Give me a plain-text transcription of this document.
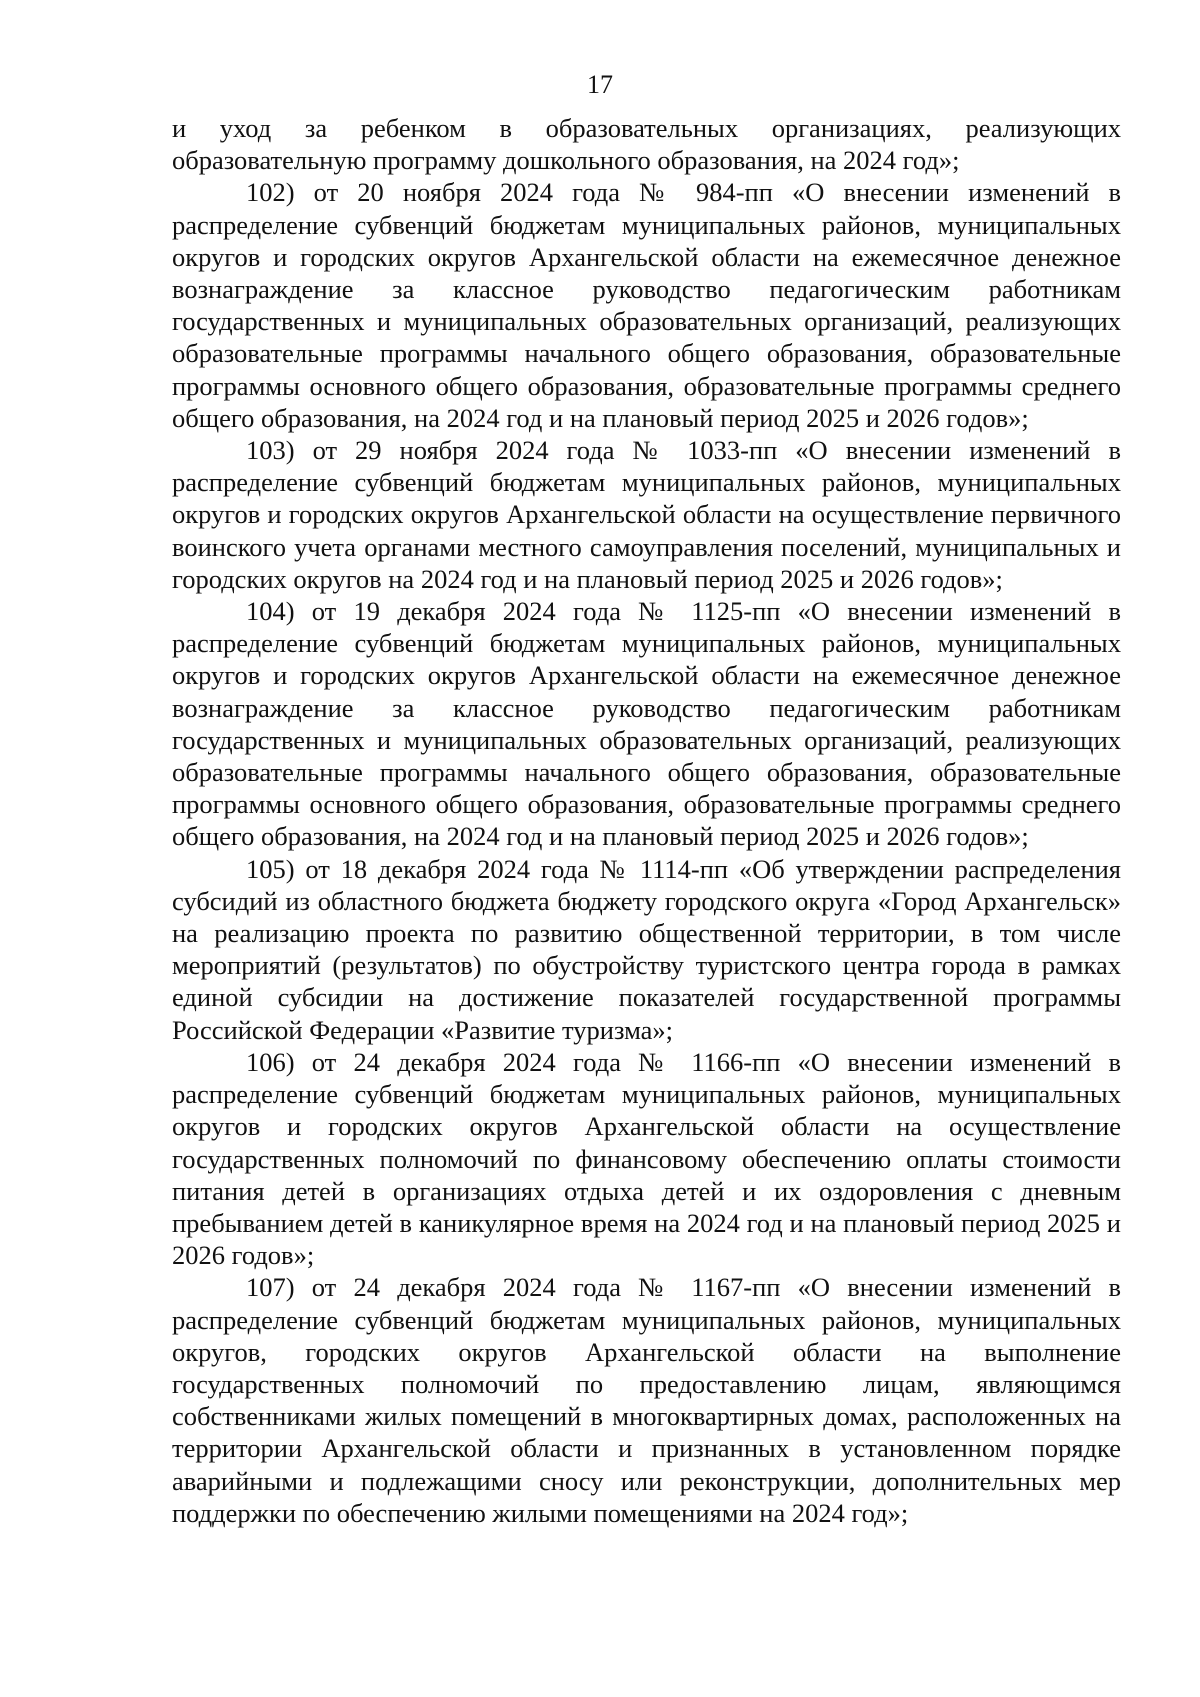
17

и уход за ребенком в образовательных организациях, реализующих образовательную программу дошкольного образования, на 2024 год»;

102) от 20 ноября 2024 года № 984-пп «О внесении изменений в распределение субвенций бюджетам муниципальных районов, муниципальных округов и городских округов Архангельской области на ежемесячное денежное вознаграждение за классное руководство педагогическим работникам государственных и муниципальных образовательных организаций, реализующих образовательные программы начального общего образования, образовательные программы основного общего образования, образовательные программы среднего общего образования, на 2024 год и на плановый период 2025 и 2026 годов»;

103) от 29 ноября 2024 года № 1033-пп «О внесении изменений в распределение субвенций бюджетам муниципальных районов, муниципальных округов и городских округов Архангельской области на осуществление первичного воинского учета органами местного самоуправления поселений, муниципальных и городских округов на 2024 год и на плановый период 2025 и 2026 годов»;

104) от 19 декабря 2024 года № 1125-пп «О внесении изменений в распределение субвенций бюджетам муниципальных районов, муниципальных округов и городских округов Архангельской области на ежемесячное денежное вознаграждение за классное руководство педагогическим работникам государственных и муниципальных образовательных организаций, реализующих образовательные программы начального общего образования, образовательные программы основного общего образования, образовательные программы среднего общего образования, на 2024 год и на плановый период 2025 и 2026 годов»;

105) от 18 декабря 2024 года № 1114-пп «Об утверждении распределения субсидий из областного бюджета бюджету городского округа «Город Архангельск» на реализацию проекта по развитию общественной территории, в том числе мероприятий (результатов) по обустройству туристского центра города в рамках единой субсидии на достижение показателей государственной программы Российской Федерации «Развитие туризма»;

106) от 24 декабря 2024 года № 1166-пп «О внесении изменений в распределение субвенций бюджетам муниципальных районов, муниципальных округов и городских округов Архангельской области на осуществление государственных полномочий по финансовому обеспечению оплаты стоимости питания детей в организациях отдыха детей и их оздоровления с дневным пребыванием детей в каникулярное время на 2024 год и на плановый период 2025 и 2026 годов»;

107) от 24 декабря 2024 года № 1167-пп «О внесении изменений в распределение субвенций бюджетам муниципальных районов, муниципальных округов, городских округов Архангельской области на выполнение государственных полномочий по предоставлению лицам, являющимся собственниками жилых помещений в многоквартирных домах, расположенных на территории Архангельской области и признанных в установленном порядке аварийными и подлежащими сносу или реконструкции, дополнительных мер поддержки по обеспечению жилыми помещениями на 2024 год»;
